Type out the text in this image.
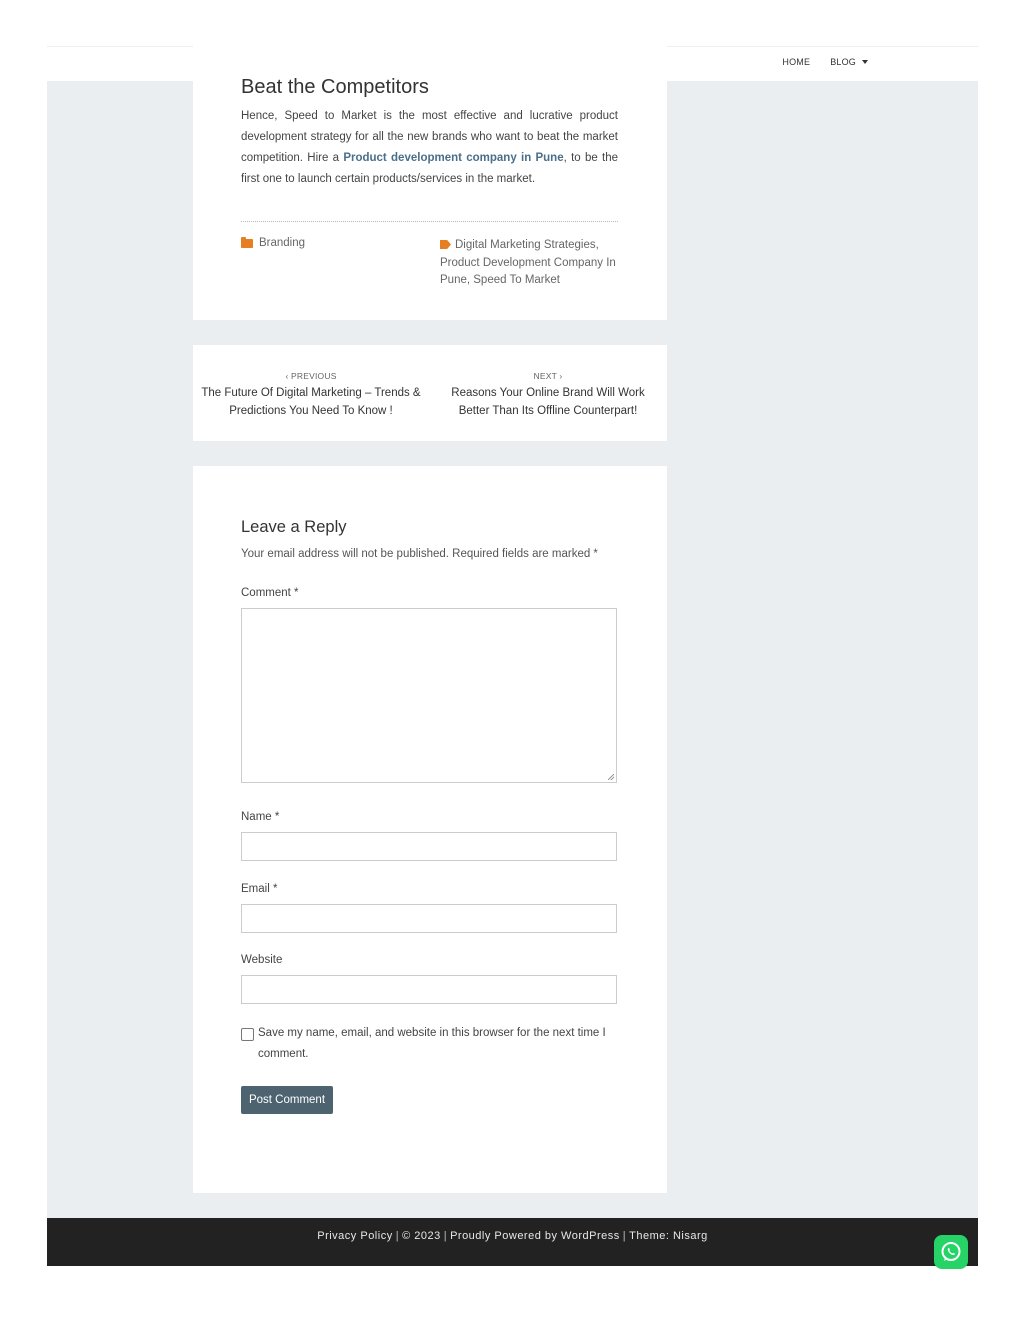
HOME BLOG
Beat the Competitors

Hence, Speed to Market is the most effective and lucrative product development strategy for all the new brands who want to beat the market competition. Hire a Product development company in Pune, to be the first one to launch certain products/services in the market.

Branding	Digital Marketing Strategies, Product Development Company In Pune, Speed To Market
‹ PREVIOUS
The Future Of Digital Marketing – Trends & Predictions You Need To Know !
NEXT ›
Reasons Your Online Brand Will Work Better Than Its Offline Counterpart!
Leave a Reply
Your email address will not be published. Required fields are marked *
Comment *
Name *
Email *
Website
Save my name, email, and website in this browser for the next time I comment.
Post Comment
Privacy Policy | © 2023 | Proudly Powered by WordPress | Theme: Nisarg
